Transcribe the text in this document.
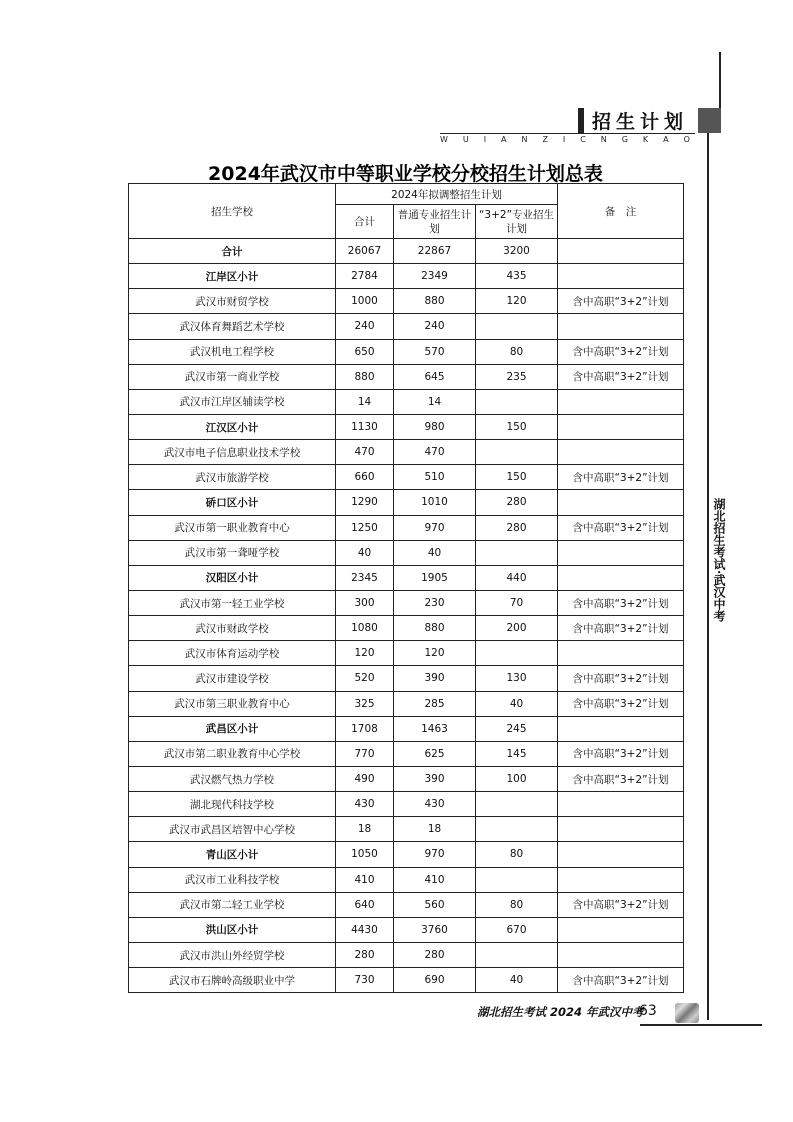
招生计划
W U I A N Z I C N G K A O
湖北招生考试·武汉中考
2024年武汉市中等职业学校分校招生计划总表
招生学校	2024年拟调整招生计划			备　注
	合计	普通专业招生计划	“3+2”专业招生计划	
合计	26067	22867	3200	
江岸区小计	2784	2349	435	
武汉市财贸学校	1000	880	120	含中高职“3+2”计划
武汉体育舞蹈艺术学校	240	240		
武汉机电工程学校	650	570	80	含中高职“3+2”计划
武汉市第一商业学校	880	645	235	含中高职“3+2”计划
武汉市江岸区辅读学校	14	14		
江汉区小计	1130	980	150	
武汉市电子信息职业技术学校	470	470		
武汉市旅游学校	660	510	150	含中高职“3+2”计划
硚口区小计	1290	1010	280	
武汉市第一职业教育中心	1250	970	280	含中高职“3+2”计划
武汉市第一聋哑学校	40	40		
汉阳区小计	2345	1905	440	
武汉市第一轻工业学校	300	230	70	含中高职“3+2”计划
武汉市财政学校	1080	880	200	含中高职“3+2”计划
武汉市体育运动学校	120	120		
武汉市建设学校	520	390	130	含中高职“3+2”计划
武汉市第三职业教育中心	325	285	40	含中高职“3+2”计划
武昌区小计	1708	1463	245	
武汉市第二职业教育中心学校	770	625	145	含中高职“3+2”计划
武汉燃气热力学校	490	390	100	含中高职“3+2”计划
湖北现代科技学校	430	430		
武汉市武昌区培智中心学校	18	18		
青山区小计	1050	970	80	
武汉市工业科技学校	410	410		
武汉市第二轻工业学校	640	560	80	含中高职“3+2”计划
洪山区小计	4430	3760	670	
武汉市洪山外经贸学校	280	280		
武汉市石牌岭高级职业中学	730	690	40	含中高职“3+2”计划
湖北招生考试 2024 年武汉中考
63
